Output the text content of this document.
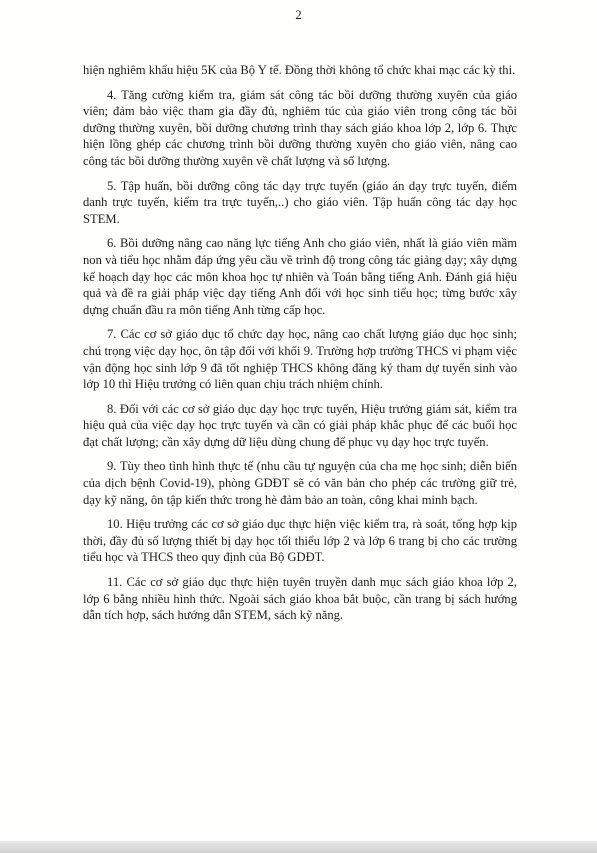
2

hiện nghiêm khẩu hiệu 5K của Bộ Y tế. Đồng thời không tổ chức khai mạc các kỳ thi.

4. Tăng cường kiểm tra, giám sát công tác bồi dưỡng thường xuyên của giáo viên; đảm bảo việc tham gia đầy đủ, nghiêm túc của giáo viên trong công tác bồi dưỡng thường xuyên, bồi dưỡng chương trình thay sách giáo khoa lớp 2, lớp 6. Thực hiện lồng ghép các chương trình bồi dưỡng thường xuyên cho giáo viên, nâng cao công tác bồi dưỡng thường xuyên về chất lượng và số lượng.

5. Tập huấn, bồi dưỡng công tác dạy trực tuyến (giáo án dạy trực tuyến, điểm danh trực tuyến, kiểm tra trực tuyến,..) cho giáo viên. Tập huấn công tác dạy học STEM.

6. Bồi dưỡng nâng cao năng lực tiếng Anh cho giáo viên, nhất là giáo viên mầm non và tiểu học nhằm đáp ứng yêu cầu về trình độ trong công tác giảng dạy; xây dựng kế hoạch dạy học các môn khoa học tự nhiên và Toán bằng tiếng Anh. Đánh giá hiệu quả và đề ra giải pháp việc dạy tiếng Anh đối với học sinh tiểu học; từng bước xây dựng chuẩn đầu ra môn tiếng Anh từng cấp học.

7. Các cơ sở giáo dục tổ chức dạy học, nâng cao chất lượng giáo dục học sinh; chú trọng việc dạy học, ôn tập đối với khối 9. Trường hợp trường THCS vi phạm việc vận động học sinh lớp 9 đã tốt nghiệp THCS không đăng ký tham dự tuyển sinh vào lớp 10 thì Hiệu trưởng có liên quan chịu trách nhiệm chính.

8. Đối với các cơ sở giáo dục dạy học trực tuyến, Hiệu trưởng giám sát, kiểm tra hiệu quả của việc dạy học trực tuyến và cần có giải pháp khắc phục để các buổi học đạt chất lượng; cần xây dựng dữ liệu dùng chung để phục vụ dạy học trực tuyến.

9. Tùy theo tình hình thực tế (nhu cầu tự nguyện của cha mẹ học sinh; diễn biến của dịch bệnh Covid-19), phòng GDĐT sẽ có văn bản cho phép các trường giữ trẻ, dạy kỹ năng, ôn tập kiến thức trong hè đảm bảo an toàn, công khai minh bạch.

10. Hiệu trưởng các cơ sở giáo dục thực hiện việc kiểm tra, rà soát, tổng hợp kịp thời, đầy đủ số lượng thiết bị dạy học tối thiểu lớp 2 và lớp 6 trang bị cho các trường tiểu học và THCS theo quy định của Bộ GDĐT.

11. Các cơ sở giáo dục thực hiện tuyên truyền danh mục sách giáo khoa lớp 2, lớp 6 bằng nhiều hình thức. Ngoài sách giáo khoa bắt buộc, cần trang bị sách hướng dẫn tích hợp, sách hướng dẫn STEM, sách kỹ năng.
